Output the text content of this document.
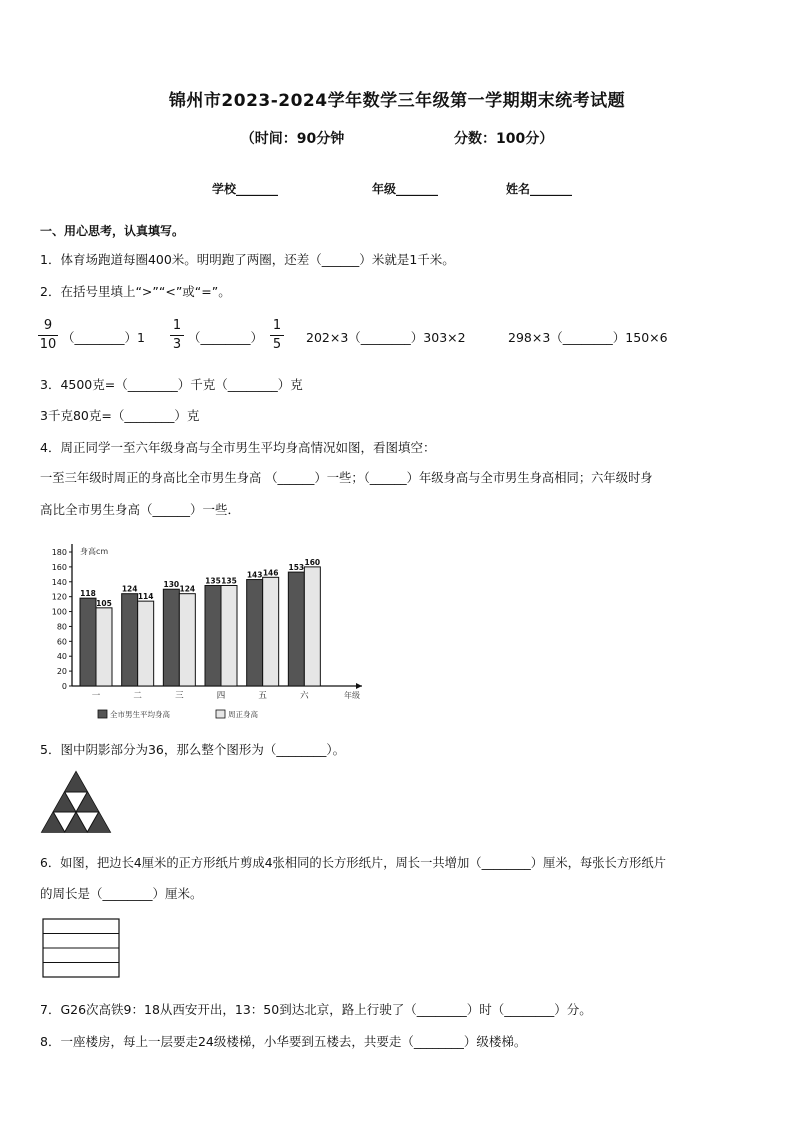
锦州市2023-2024学年数学三年级第一学期期末统考试题
（时间：90分钟	分数：100分）
学校_______	年级_______	姓名_______
一、用心思考，认真填写。
1．体育场跑道每圈400米。明明跑了两圈，还差（______）米就是1千米。
2．在括号里填上“>”“<”或“=”。
9
10 （________）1
1
3 （________）
1
5 202×3（________）303×2	298×3（________）150×6
3．4500克=（________）千克（________）克
3千克80克=（________）克
4．周正同学一至六年级身高与全市男生平均身高情况如图，看图填空：
一至三年级时周正的身高比全市男生身高 （______）一些；（______）年级身高与全市男生身高相同；六年级时身
高比全市男生身高（______）一些．
0
20
40
60
80
100
120
140
160
180 身高cm
年级
118
105
一
124
114
二
130 124
三
135 135
四
143 146
五
153
160
六
全市男生平均身高	周正身高
5．图中阴影部分为36，那么整个图形为（________）。
6．如图，把边长4厘米的正方形纸片剪成4张相同的长方形纸片，周长一共增加（________）厘米，每张长方形纸片
的周长是（________）厘米。
7．G26次高铁9：18从西安开出，13：50到达北京，路上行驶了（________）时（________）分。
8．一座楼房，每上一层要走24级楼梯，小华要到五楼去，共要走（________）级楼梯。
